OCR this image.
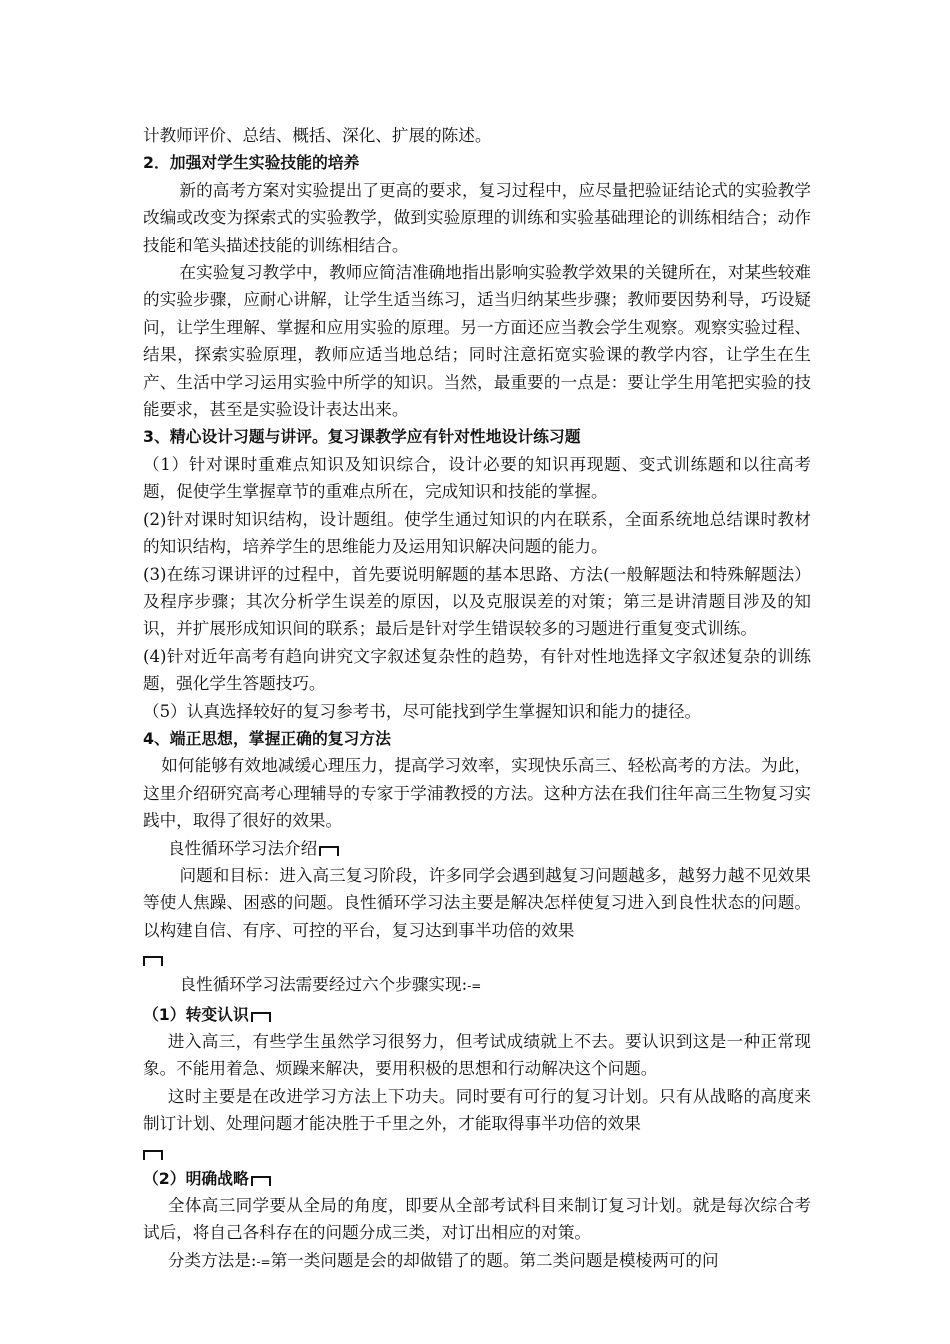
计教师评价、总结、概括、深化、扩展的陈述。

2．加强对学生实验技能的培养

新的高考方案对实验提出了更高的要求，复习过程中，应尽量把验证结论式的实验教学改编或改变为探索式的实验教学，做到实验原理的训练和实验基础理论的训练相结合；动作技能和笔头描述技能的训练相结合。

在实验复习教学中，教师应简洁准确地指出影响实验教学效果的关键所在，对某些较难的实验步骤，应耐心讲解，让学生适当练习，适当归纳某些步骤；教师要因势利导，巧设疑问，让学生理解、掌握和应用实验的原理。另一方面还应当教会学生观察。观察实验过程、结果，探索实验原理，教师应适当地总结；同时注意拓宽实验课的教学内容，让学生在生产、生活中学习运用实验中所学的知识。当然，最重要的一点是：要让学生用笔把实验的技能要求，甚至是实验设计表达出来。

3、精心设计习题与讲评。复习课教学应有针对性地设计练习题

（1）针对课时重难点知识及知识综合，设计必要的知识再现题、变式训练题和以往高考题，促使学生掌握章节的重难点所在，完成知识和技能的掌握。

(2)针对课时知识结构，设计题组。使学生通过知识的内在联系，全面系统地总结课时教材的知识结构，培养学生的思维能力及运用知识解决问题的能力。

(3)在练习课讲评的过程中，首先要说明解题的基本思路、方法(一般解题法和特殊解题法）及程序步骤；其次分析学生误差的原因，以及克服误差的对策；第三是讲清题目涉及的知识，并扩展形成知识间的联系；最后是针对学生错误较多的习题进行重复变式训练。

(4)针对近年高考有趋向讲究文字叙述复杂性的趋势，有针对性地选择文字叙述复杂的训练题，强化学生答题技巧。

（5）认真选择较好的复习参考书，尽可能找到学生掌握知识和能力的捷径。

4、端正思想，掌握正确的复习方法

如何能够有效地减缓心理压力，提高学习效率，实现快乐高三、轻松高考的方法。为此，这里介绍研究高考心理辅导的专家于学浦教授的方法。这种方法在我们往年高三生物复习实践中，取得了很好的效果。

良性循环学习法介绍

问题和目标：进入高三复习阶段，许多同学会遇到越复习问题越多，越努力越不见效果等使人焦躁、困惑的问题。良性循环学习法主要是解决怎样使复习进入到良性状态的问题。以构建自信、有序、可控的平台，复习达到事半功倍的效果

良性循环学习法需要经过六个步骤实现:-=

（1）转变认识

进入高三，有些学生虽然学习很努力，但考试成绩就上不去。要认识到这是一种正常现象。不能用着急、烦躁来解决，要用积极的思想和行动解决这个问题。

这时主要是在改进学习方法上下功夫。同时要有可行的复习计划。只有从战略的高度来制订计划、处理问题才能决胜于千里之外，才能取得事半功倍的效果

（2）明确战略

全体高三同学要从全局的角度，即要从全部考试科目来制订复习计划。就是每次综合考试后，将自己各科存在的问题分成三类，对订出相应的对策。

分类方法是:-=第一类问题是会的却做错了的题。第二类问题是模棱两可的问
